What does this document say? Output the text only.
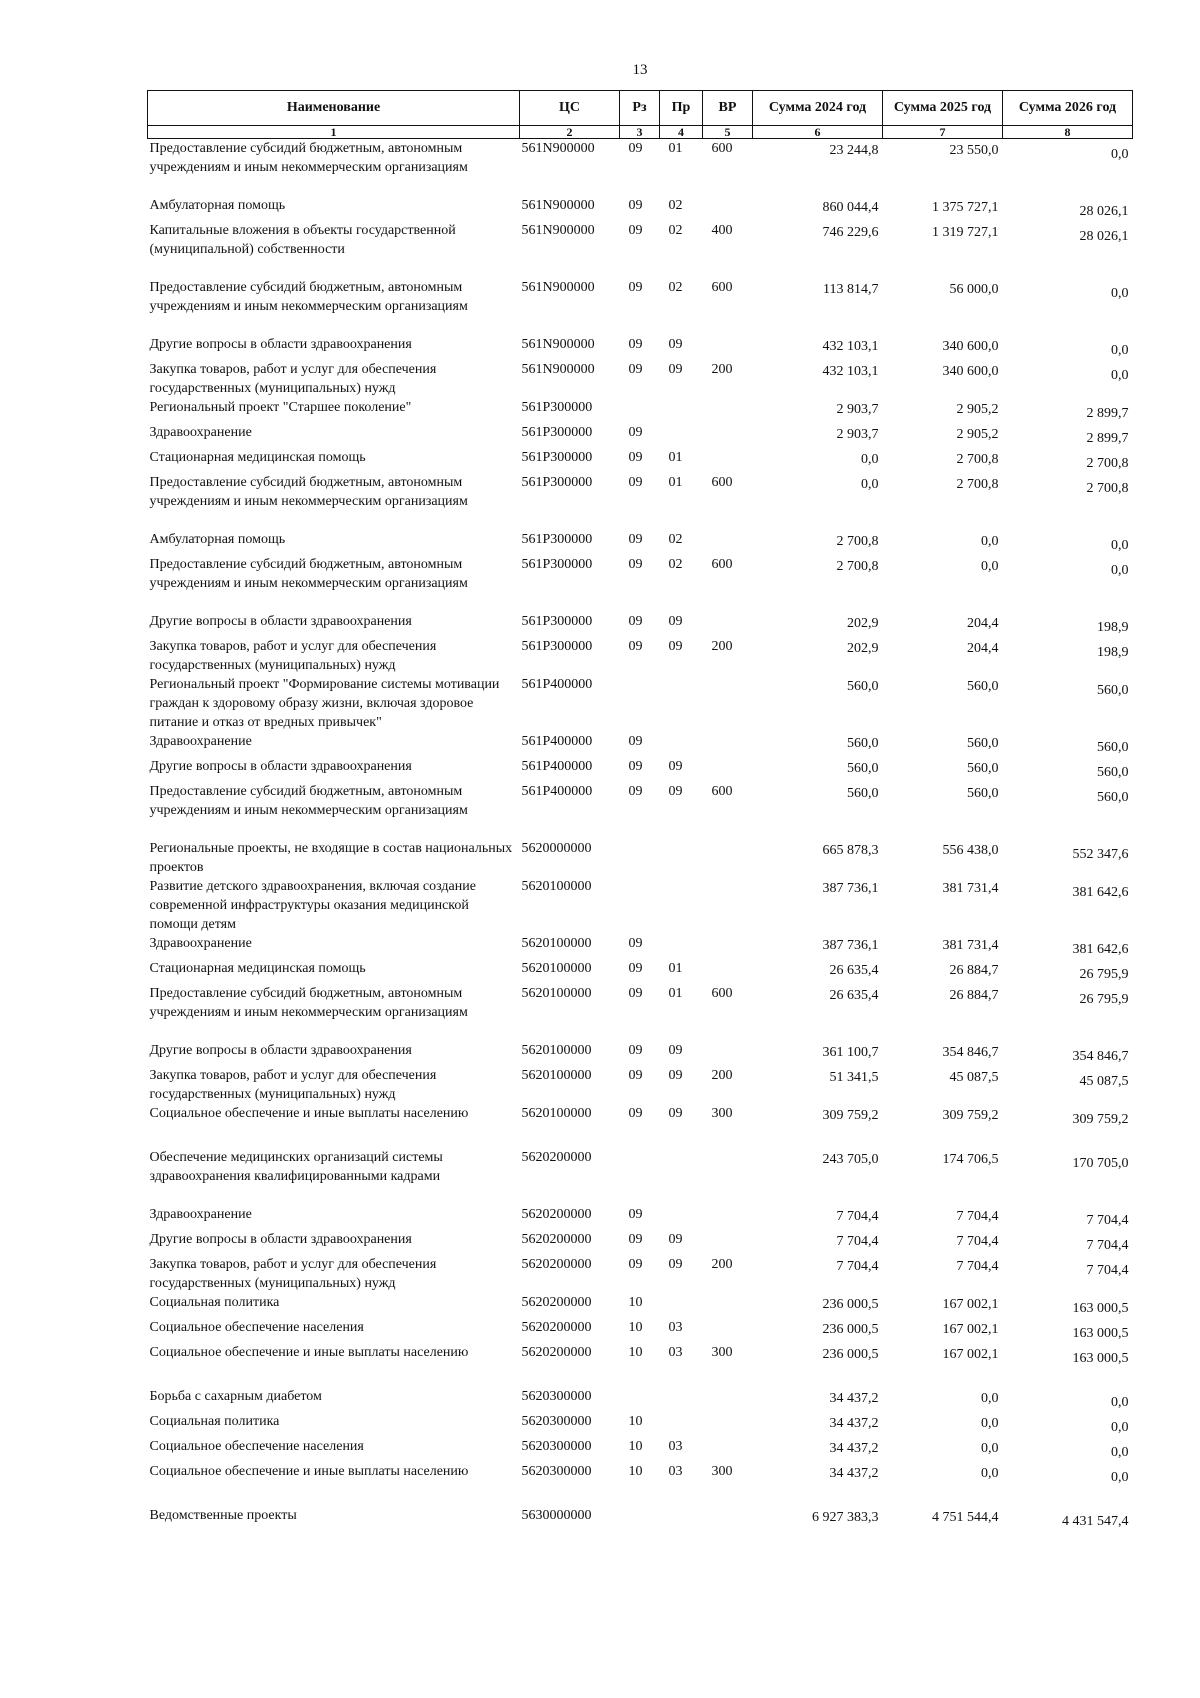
13
Наименование	ЦС	Рз	Пр	ВР	Сумма 2024 год	Сумма 2025 год	Сумма 2026 год
1	2	3	4	5	6	7	8
Предоставление субсидий бюджетным, автономным учреждениям и иным некоммерческим организациям	561N900000	09	01	600	23 244,8	23 550,0	0,0

Амбулаторная помощь	561N900000	09	02		860 044,4	1 375 727,1	28 026,1
Капитальные вложения в объекты государственной (муниципальной) собственности	561N900000	09	02	400	746 229,6	1 319 727,1	28 026,1

Предоставление субсидий бюджетным, автономным учреждениям и иным некоммерческим организациям	561N900000	09	02	600	113 814,7	56 000,0	0,0

Другие вопросы в области здравоохранения	561N900000	09	09		432 103,1	340 600,0	0,0
Закупка товаров, работ и услуг для обеспечения государственных (муниципальных) нужд	561N900000	09	09	200	432 103,1	340 600,0	0,0
Региональный проект "Старшее поколение"	561P300000				2 903,7	2 905,2	2 899,7
Здравоохранение	561P300000	09			2 903,7	2 905,2	2 899,7
Стационарная медицинская помощь	561P300000	09	01		0,0	2 700,8	2 700,8
Предоставление субсидий бюджетным, автономным учреждениям и иным некоммерческим организациям	561P300000	09	01	600	0,0	2 700,8	2 700,8

Амбулаторная помощь	561P300000	09	02		2 700,8	0,0	0,0
Предоставление субсидий бюджетным, автономным учреждениям и иным некоммерческим организациям	561P300000	09	02	600	2 700,8	0,0	0,0

Другие вопросы в области здравоохранения	561P300000	09	09		202,9	204,4	198,9
Закупка товаров, работ и услуг для обеспечения государственных (муниципальных) нужд	561P300000	09	09	200	202,9	204,4	198,9
Региональный проект "Формирование системы мотивации граждан к здоровому образу жизни, включая здоровое питание и отказ от вредных привычек"	561P400000				560,0	560,0	560,0
Здравоохранение	561P400000	09			560,0	560,0	560,0
Другие вопросы в области здравоохранения	561P400000	09	09		560,0	560,0	560,0
Предоставление субсидий бюджетным, автономным учреждениям и иным некоммерческим организациям	561P400000	09	09	600	560,0	560,0	560,0

Региональные проекты, не входящие в состав национальных проектов	5620000000				665 878,3	556 438,0	552 347,6
Развитие детского здравоохранения, включая создание современной инфраструктуры оказания медицинской помощи детям	5620100000				387 736,1	381 731,4	381 642,6
Здравоохранение	5620100000	09			387 736,1	381 731,4	381 642,6
Стационарная медицинская помощь	5620100000	09	01		26 635,4	26 884,7	26 795,9
Предоставление субсидий бюджетным, автономным учреждениям и иным некоммерческим организациям	5620100000	09	01	600	26 635,4	26 884,7	26 795,9

Другие вопросы в области здравоохранения	5620100000	09	09		361 100,7	354 846,7	354 846,7
Закупка товаров, работ и услуг для обеспечения государственных (муниципальных) нужд	5620100000	09	09	200	51 341,5	45 087,5	45 087,5
Социальное обеспечение и иные выплаты населению	5620100000	09	09	300	309 759,2	309 759,2	309 759,2

Обеспечение медицинских организаций системы здравоохранения квалифицированными кадрами	5620200000				243 705,0	174 706,5	170 705,0

Здравоохранение	5620200000	09			7 704,4	7 704,4	7 704,4
Другие вопросы в области здравоохранения	5620200000	09	09		7 704,4	7 704,4	7 704,4
Закупка товаров, работ и услуг для обеспечения государственных (муниципальных) нужд	5620200000	09	09	200	7 704,4	7 704,4	7 704,4
Социальная политика	5620200000	10			236 000,5	167 002,1	163 000,5
Социальное обеспечение населения	5620200000	10	03		236 000,5	167 002,1	163 000,5
Социальное обеспечение и иные выплаты населению	5620200000	10	03	300	236 000,5	167 002,1	163 000,5

Борьба с сахарным диабетом	5620300000				34 437,2	0,0	0,0
Социальная политика	5620300000	10			34 437,2	0,0	0,0
Социальное обеспечение населения	5620300000	10	03		34 437,2	0,0	0,0
Социальное обеспечение и иные выплаты населению	5620300000	10	03	300	34 437,2	0,0	0,0

Ведомственные проекты	5630000000				6 927 383,3	4 751 544,4	4 431 547,4
